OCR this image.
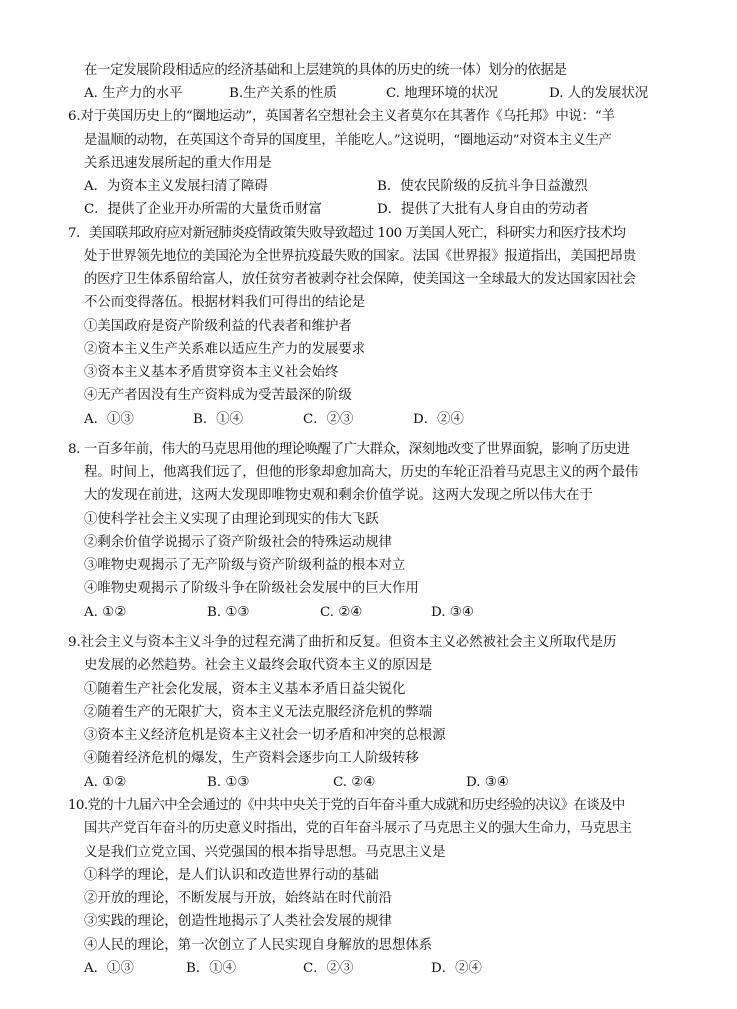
在一定发展阶段相适应的经济基础和上层建筑的具体的历史的统一体）划分的依据是
A. 生产力的水平	B.生产关系的性质	C. 地理环境的状况	D. 人的发展状况
6.对于英国历史上的“圈地运动”，英国著名空想社会主义者莫尔在其著作《乌托邦》中说：“羊
是温顺的动物，在英国这个奇异的国度里，羊能吃人。”这说明，“圈地运动”对资本主义生产
关系迅速发展所起的重大作用是
A．为资本主义发展扫清了障碍	B．使农民阶级的反抗斗争日益激烈
C．提供了企业开办所需的大量货币财富	D．提供了大批有人身自由的劳动者
7．美国联邦政府应对新冠肺炎疫情政策失败导致超过 100 万美国人死亡，科研实力和医疗技术均
处于世界领先地位的美国沦为全世界抗疫最失败的国家。法国《世界报》报道指出，美国把昂贵
的医疗卫生体系留给富人，放任贫穷者被剥夺社会保障，使美国这一全球最大的发达国家因社会
不公而变得落伍。根据材料我们可得出的结论是
①美国政府是资产阶级利益的代表者和维护者
②资本主义生产关系难以适应生产力的发展要求
③资本主义基本矛盾贯穿资本主义社会始终
④无产者因没有生产资料成为受苦最深的阶级
A．①③	B．①④	C．②③	D．②④
8. 一百多年前，伟大的马克思用他的理论唤醒了广大群众，深刻地改变了世界面貌，影响了历史进
程。时间上，他离我们远了，但他的形象却愈加高大，历史的车轮正沿着马克思主义的两个最伟
大的发现在前进，这两大发现即唯物史观和剩余价值学说。这两大发现之所以伟大在于
①使科学社会主义实现了由理论到现实的伟大飞跃
②剩余价值学说揭示了资产阶级社会的特殊运动规律
③唯物史观揭示了无产阶级与资产阶级利益的根本对立
④唯物史观揭示了阶级斗争在阶级社会发展中的巨大作用
A. ①②	B. ①③	C. ②④	D. ③④
9.社会主义与资本主义斗争的过程充满了曲折和反复。但资本主义必然被社会主义所取代是历
史发展的必然趋势。社会主义最终会取代资本主义的原因是
①随着生产社会化发展，资本主义基本矛盾日益尖锐化
②随着生产的无限扩大，资本主义无法克服经济危机的弊端
③资本主义经济危机是资本主义社会一切矛盾和冲突的总根源
④随着经济危机的爆发，生产资料会逐步向工人阶级转移
A. ①②	B. ①③	C. ②④	D. ③④
10.党的十九届六中全会通过的《中共中央关于党的百年奋斗重大成就和历史经验的决议》在谈及中
国共产党百年奋斗的历史意义时指出，党的百年奋斗展示了马克思主义的强大生命力，马克思主
义是我们立党立国、兴党强国的根本指导思想。马克思主义是
①科学的理论，是人们认识和改造世界行动的基础
②开放的理论，不断发展与开放，始终站在时代前沿
③实践的理论，创造性地揭示了人类社会发展的规律
④人民的理论，第一次创立了人民实现自身解放的思想体系
A．①③	B．①④	C．②③	D．②④
